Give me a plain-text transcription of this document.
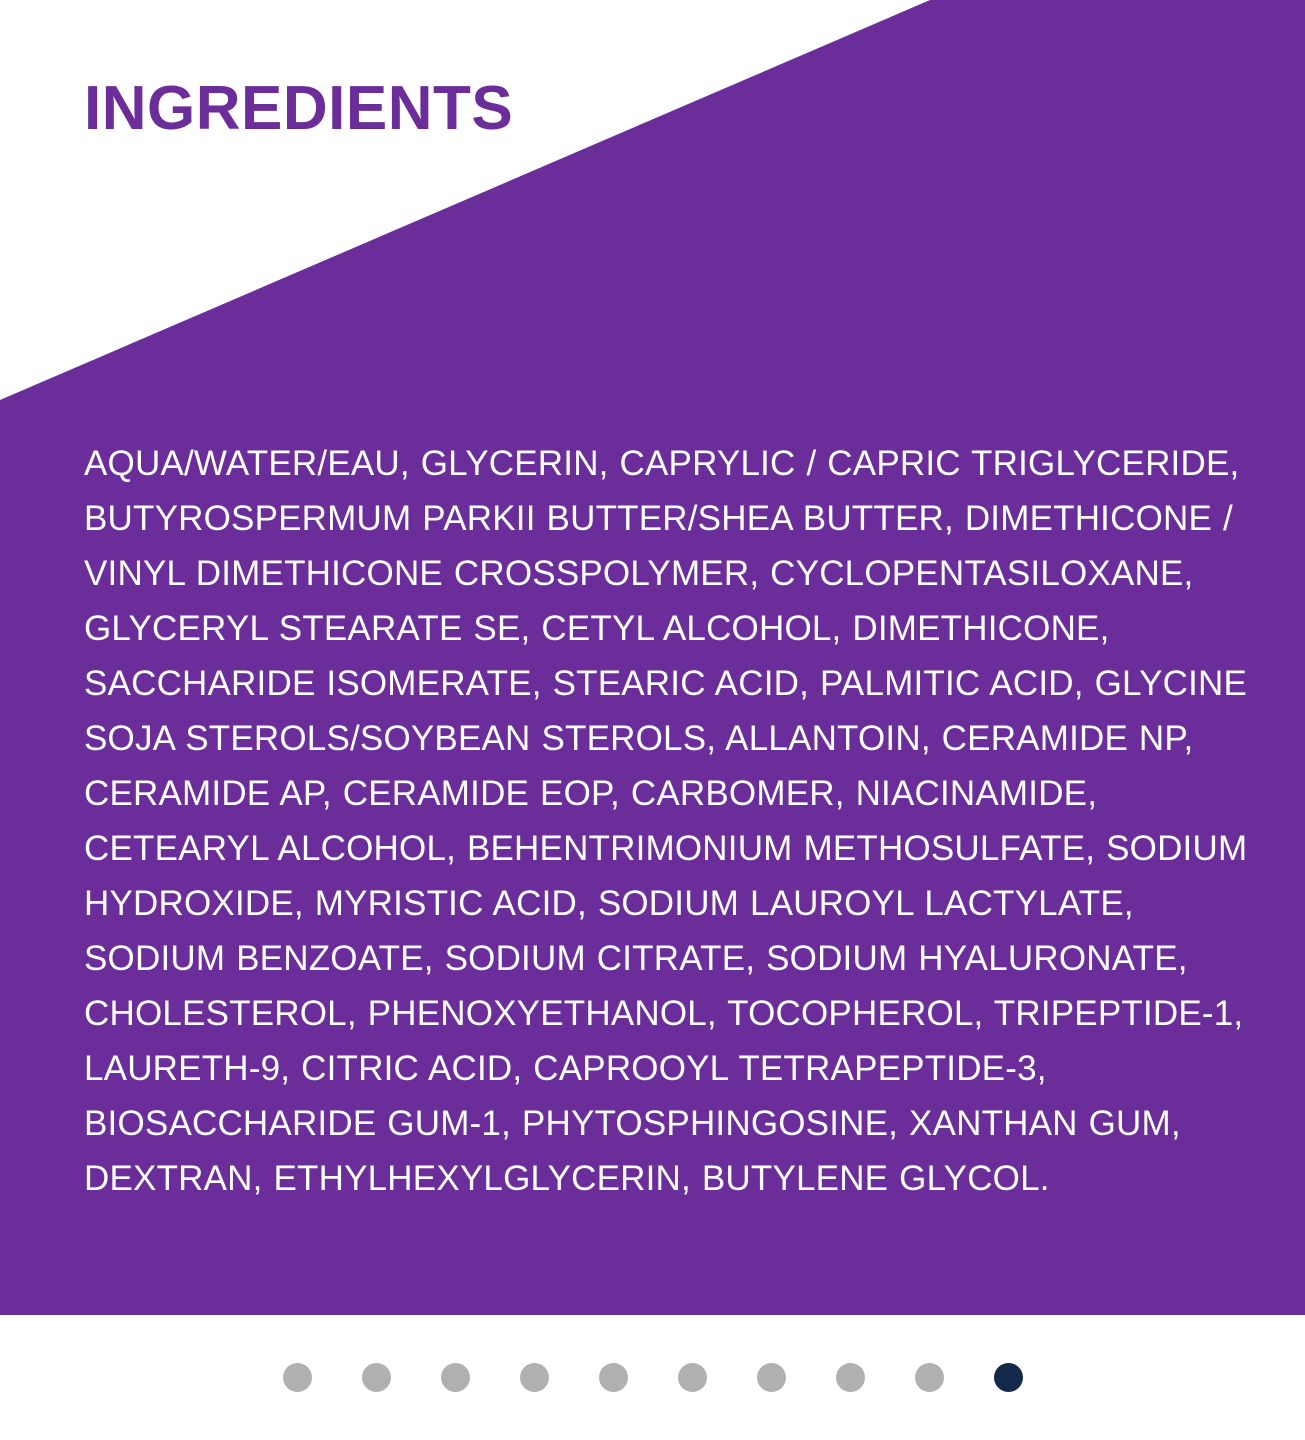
INGREDIENTS

AQUA/WATER/EAU, GLYCERIN, CAPRYLIC / CAPRIC TRIGLYCERIDE, BUTYROSPERMUM PARKII BUTTER/SHEA BUTTER, DIMETHICONE / VINYL DIMETHICONE CROSSPOLYMER, CYCLOPENTASILOXANE, GLYCERYL STEARATE SE, CETYL ALCOHOL, DIMETHICONE, SACCHARIDE ISOMERATE, STEARIC ACID, PALMITIC ACID, GLYCINE SOJA STEROLS/SOYBEAN STEROLS, ALLANTOIN, CERAMIDE NP, CERAMIDE AP, CERAMIDE EOP, CARBOMER, NIACINAMIDE, CETEARYL ALCOHOL, BEHENTRIMONIUM METHOSULFATE, SODIUM HYDROXIDE, MYRISTIC ACID, SODIUM LAUROYL LACTYLATE, SODIUM BENZOATE, SODIUM CITRATE, SODIUM HYALURONATE, CHOLESTEROL, PHENOXYETHANOL, TOCOPHEROL, TRIPEPTIDE-1, LAURETH-9, CITRIC ACID, CAPROOYL TETRAPEPTIDE-3, BIOSACCHARIDE GUM-1, PHYTOSPHINGOSINE, XANTHAN GUM, DEXTRAN, ETHYLHEXYLGLYCERIN, BUTYLENE GLYCOL.
